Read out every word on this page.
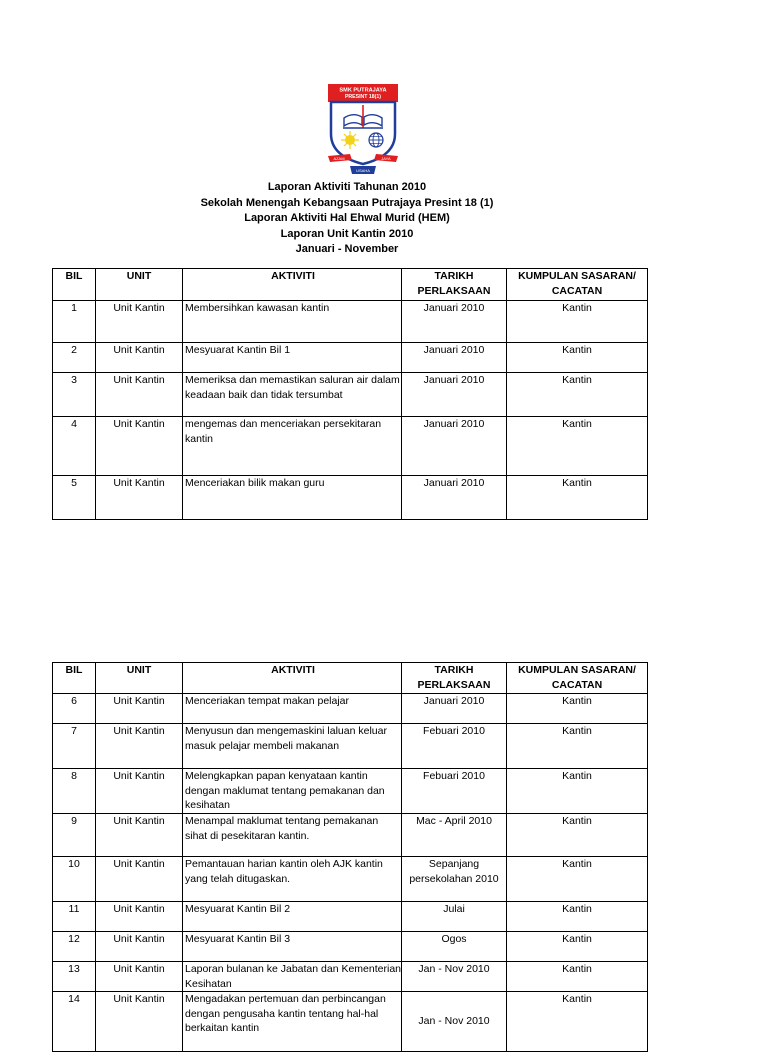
SMK PUTRAJAYA
PRESINT 18(1)
AZAM	JAYA
USAHA
Laporan Aktiviti Tahunan 2010
Sekolah Menengah Kebangsaan Putrajaya Presint 18 (1)
Laporan Aktiviti Hal Ehwal Murid (HEM)
Laporan Unit Kantin 2010
Januari - November
BIL	UNIT	AKTIVITI	TARIKH PERLAKSAAN	KUMPULAN SASARAN/ CACATAN
1	Unit Kantin	Membersihkan kawasan kantin	Januari 2010	Kantin
2	Unit Kantin	Mesyuarat Kantin Bil 1	Januari 2010	Kantin
3	Unit Kantin	Memeriksa dan memastikan saluran air dalam keadaan baik dan tidak tersumbat	Januari 2010	Kantin
4	Unit Kantin	mengemas dan menceriakan persekitaran kantin	Januari 2010	Kantin
5	Unit Kantin	Menceriakan bilik makan guru	Januari 2010	Kantin
BIL	UNIT	AKTIVITI	TARIKH PERLAKSAAN	KUMPULAN SASARAN/ CACATAN
6	Unit Kantin	Menceriakan tempat makan pelajar	Januari 2010	Kantin
7	Unit Kantin	Menyusun dan mengemaskini laluan keluar masuk pelajar membeli makanan	Febuari 2010	Kantin
8	Unit Kantin	Melengkapkan papan kenyataan kantin dengan maklumat tentang pemakanan dan kesihatan	Febuari 2010	Kantin
9	Unit Kantin	Menampal maklumat tentang pemakanan sihat di pesekitaran kantin.	Mac - April 2010	Kantin
10	Unit Kantin	Pemantauan harian kantin oleh AJK kantin yang telah ditugaskan.	Sepanjang persekolahan 2010	Kantin
11	Unit Kantin	Mesyuarat Kantin Bil 2	Julai	Kantin
12	Unit Kantin	Mesyuarat Kantin Bil 3	Ogos	Kantin
13	Unit Kantin	Laporan bulanan ke Jabatan dan Kementerian Kesihatan	Jan - Nov 2010	Kantin
14	Unit Kantin	Mengadakan pertemuan dan perbincangan dengan pengusaha kantin tentang hal-hal berkaitan kantin	Jan - Nov 2010	Kantin
